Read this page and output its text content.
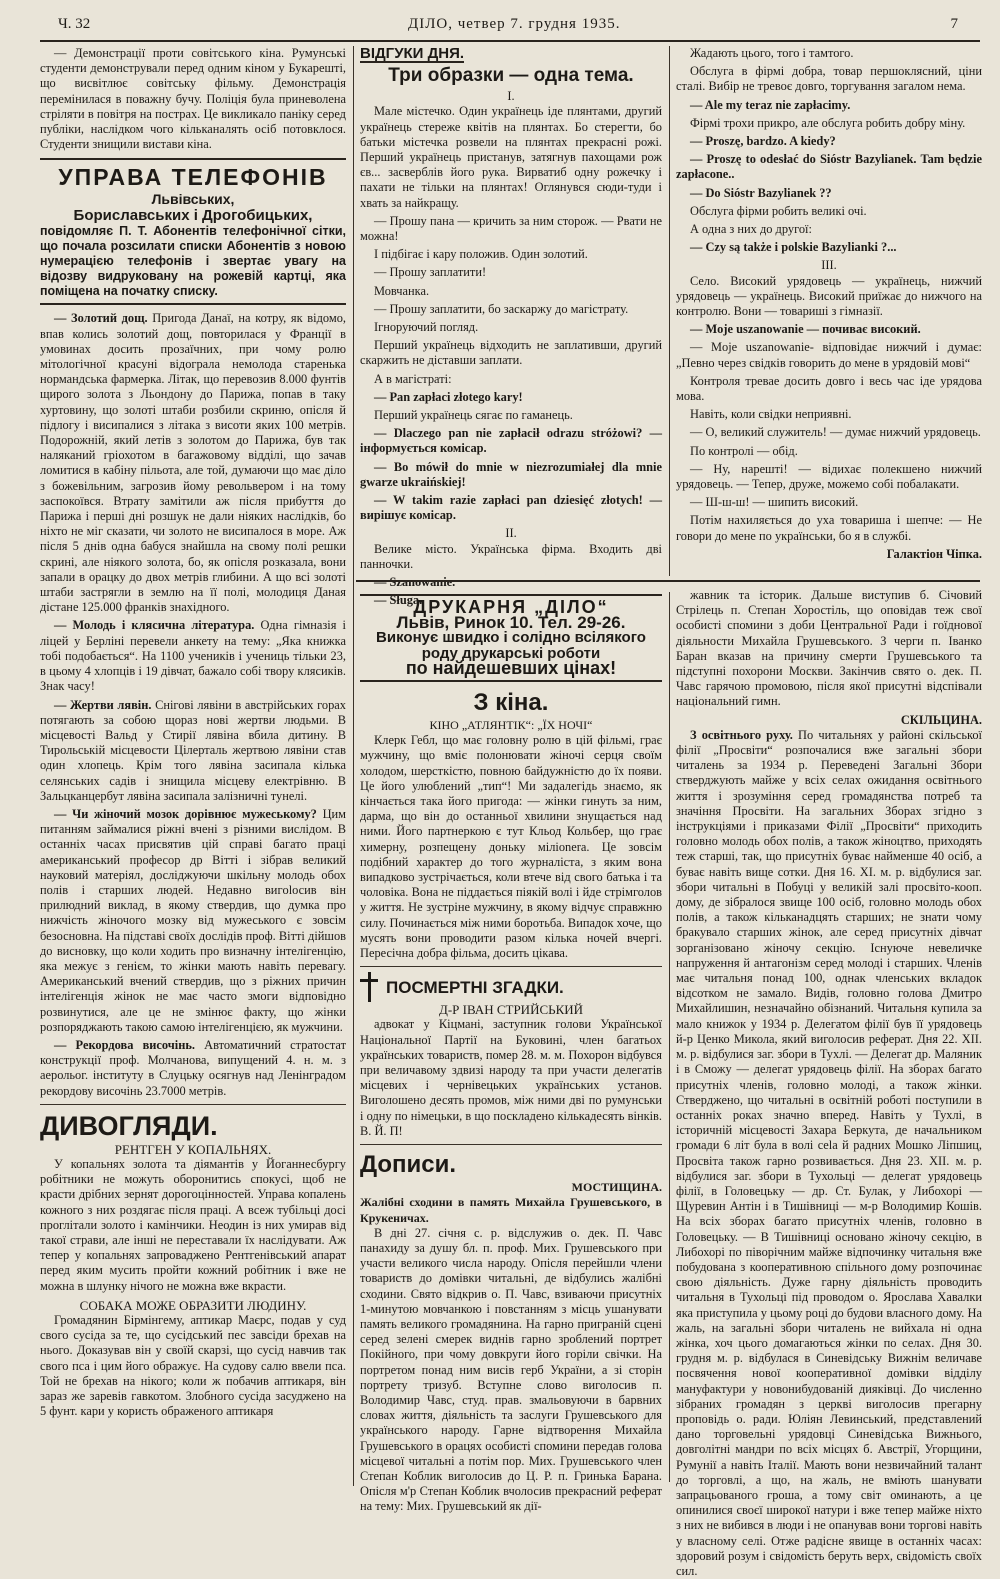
Ч. 32	ДІЛО, четвер 7. грудня 1935.	7

— Демонстрації проти совітського кіна. Румунські студенти демонстрували перед одним кіном у Букарешті, що висвітлює совітську фільму. Демонстрація перемінилася в поважну бучу. Поліція була приневолена стріляти в повітря на пострах. Це викликало паніку серед публіки, наслідком чого кільканалять осіб потовклося. Студенти знищили вистави кіна.

УПРАВА ТЕЛЕФОНІВ
Львівських,
Бориславських і Дрогобицьких,
повідомляє П. Т. Абонентів телефонічної сітки, що почала розсилати списки Абонентів з новою нумерацією телефонів і звертає увагу на відозву видруковану на рожевій картці, яка поміщена на початку списку.

— Золотий дощ. Пригода Данаї, на котру, як відомо, впав колись золотий дощ, повторилася у Франції в умовинах досить прозаїчних, при чому ролю мітологічної красуні відограла немолода стаpенька нормандська фармерка. Літак, що перевозив 8.000 фунтів щирого золота з Льондону до Парижа, попав в таку хуртовину, що золоті штаби розбили скриню, опісля й підлогу і висипалися з літака з висоти яких 100 метрів. Подорожній, який летів з золотом до Парижа, був так наляканий гріохотом в багажовому відділі, що зачав ломитися в кабіну пільота, але той, думаючи що має ділo з божевільним, загрозив йому револьвером і на тому заспокоївся. Втрату замітили аж після прибуття до Парижа і перші дні розшук не дали ніяких наслідків, бо ніхто не міг сказати, чи золото не висипалося в море. Аж після 5 днів одна бабуся знайшла на свому полі решки скрині, але ніякого золота, бо, як опісля розказала, вони запали в орацку до двох метрів глибини. А що всі золоті штаби застрягли в землю на її полі, молодиця Даная дістане 125.000 франків знахідного.

— Молодь і клясична література. Одна гімназія і ліцей у Берліні перевели анкету на тему: „Яка книжка тобі подобається“. На 1100 учеників і учениць тільки 23, в цьому 4 хлопців і 19 дівчат, бажало собі твору клясиків. Знак часу!

— Жертви лявін. Снігові лявіни в австрійських горах потягають за собою щораз нові жертви людьми. В місцевості Вальд у Стирії лявіна вбила дитину. В Тирольській місцевости Цілерталь жертвою лявіни став один хлопець. Крім того лявіна засипала кілька селянських садів і знищила місцеву електрівню. В Зальцканцербут лявіна засипала залізничні тунелі.

— Чи жіночий мозок доpівнює мужеському? Цим питанням займалися ріжні вчені з різними вислідом. В останніх часах присвятив цій справі багато праці американський професор др Вітті і зібрав великий науковий матеріял, досліджуючи шкільну молодь обох полів і старших людей. Недавно вигolосив він прилюдний виклад, в якому ствердив, що думка про нижчість жіночого мозку від мужеського є зовсім безосновна. На підставі своїх дослідів проф. Вітті дійшов до висновку, що коли ходить про визначну інтелігенцію, яка межує з генієм, то жінки мають навіть перевагу. Американський вчений ствердив, що з ріжних причин інтелігенція жінок не має часто змоги відповідно розвинутися, але це не змінює факту, що жінки розпоряджають такою самою інтелігенцією, як мужчини.

— Рекордова височінь. Автоматичний стратостат конструкції проф. Молчанова, випущений 4. н. м. з аерольог. інституту в Слуцьку осягнув над Ленінградом рекордову височінь 23.7000 метрів.

ДИВОГЛЯДИ.
РЕНТГЕН У КОПАЛЬНЯХ.

У копальнях золота та діямантів у Йоганнесбургу робітники не можуть оборонитись спокусі, щоб не красти дрібних зернят дорогоцінностей. Управа копалень кожного з них роздягає після праці. А всеж тубільці досі проглітали золото і камінчики. Неодин із них умирав від такої страви, але інші не переставали їх наслідувати. Аж тепер у копальнях запроваджено Рентгенівський апарат перед яким мусить пройти кожний робітник і вже не можна в шлунку нічого не можна вже вкрасти.

СОБАКА МОЖЕ ОБРАЗИТИ ЛЮДИНУ.

Громадянин Бірмінгему, аптикар Маєрс, подав у суд свого сусіда за те, що сусідський пес завсіди брехав на нього. Доказував він у своїй скарзі, що сусід навчив так свого пса і цим його ображує. На судову салю ввели пса. Той не брехав на нікого; коли ж побачив аптикаря, він зараз же заревів гавкотом. Злобного сусіда засуджено на 5 фунт. кари у користь ображеного аптикаря

ВІДГУКИ ДНЯ.
Три образки — одна тема.
I.

Мале містечко. Один українець іде плянтами, другий українець стереже квітів на плянтах. Бо стерегти, бо батьки містечка розвели на плянтах прекрасні рожі. Перший українець пристанув, затягнув пахощами рож єв... засверблів його рука. Вирватиб одну рожечку і пахати не тільки на плянтах! Оглянувся сюди-туди і хвать за найкращу.

— Прошу пана — кричить за ним сторож. — Рвати не можна!

І підбігає і кару положив. Один золотий.

— Прошу заплатити!

Мовчанка.

— Прошу заплатити, бо заскаржу до магістрату.

Ігноруючий погляд.

Перший українець відходить не заплативши, другий скаржить не діставши заплати.

А в магістраті:

— Pan zapłaci złotego kary!

Перший українець сягає по гаманець.

— Dlaczego pan nie zapłacił odrazu stróżowi? — інформується комісар.

— Bo mówił do mnie w niezrozumiałej dla mnie gwarze ukraińskiej!

— W takim razie zapłaci pan dziesięć złotych! — вирішує комісар.

II.

Велике місто. Українська фірма. Входить дві панночки.

— Szanowanie.

— Sługa.

Жадають цього, того і тамтого.

Обслуга в фірмі добра, товар першоклясний, ціни сталі. Вибір не тревоє довго, торгування загалом нема.

— Ale my teraz nie zapłacimy.

Фірмі трохи прикро, але обслуга робить добру міну.

— Proszę, bardzo. A kiedy?

— Proszę to odesłać do Sióstr Bazylianek. Tam będzie zapłacone..

— Do Sióstr Bazylianek ??

Обслуга фірми робить великі очі.

А одна з них до другої:

— Czy są także i polskie Bazylianki ?...

III.

Село. Високий урядовець — українець, нижчий урядовець — українець. Високий приїжає до нижчого на контролю. Вони — товариші з гімназії.

— Moje uszanowanie — почиває високий.

— Moje uszanowanie- відповідає нижчий і думає: „Певно через свідків говорить до мене в урядовій мові“

Контроля тревае досить довго і весь час іде урядова мова.

Навіть, коли свідки неприявні.

— О, великий служитель! — думає нижчий урядовець.

По контролі — обід.

— Ну, нарешті! — відихає полекшено нижчий урядовець. — Тепер, друже, можемо собі побалакати.

— Ш-ш-ш! — шипить високий.

Потім нахиляється до уха товариша і шепче: — Не говори до мене по українськи, бо я в службі.

Галактіон Чіпка.
ДРУКАРНЯ „ДІЛО“
Львів, Ринок 10. Тел. 29-26.
Виконує швидко і солідно всілякого роду друкарські роботи
по найдешевших цінах!
З кіна.
КІНО „АТЛЯНТІК“: „ЇХ НОЧІ“

Клерк Гебл, що має головну ролю в цій фільмі, грає мужчину, що вміє полонювати жіночі серця своїм холодом, шерсткістю, повною байдужністю до їх появи. Це його улюблений „тип“! Ми задалегідь знаємо, як кінчається така його пригода: — жінки гинуть за ним, дарма, що він до останньої хвилини знущається над ними. Його партнеркою є тут Кльод Кольбер, що грає химерну, розпещену доньку мілionera. Це зовсім подібний характер до того журналіста, з яким вона випадково зустрічається, коли втече від свого батька і та чоловіка. Вона не піддається піякій волі і йде стрімголов у життя. Не зустріне мужчину, в якому відчує справжню силу. Починається між ними боротьба. Випадок хоче, що мусять вони проводити разом кілька ночей вчергі. Пересічна добра фільма, досить цікава.

ПОСМЕРТНІ ЗГАДКИ.
Д-Р ІВАН СТРИЙСЬКИЙ

адвокат у Кіцмані, заступник голови Української Національної Партії на Буковині, член багатьох українських товариств, помер 28. м. м. Похорон відбувся при величавому здвизі народу та при участи делегатів місцевих і чернівецьких українських установ. Виголошено десять промов, між ними дві по румунськи і одну по німецьки, в що поскладено кількадесять вінків. В. Й. П!

Дописи.
МОСТИЩИНА.
Жалібні сходини в память Михайла Грушевського, в Крукеничах.

В дні 27. січня с. р. відслужив о. дек. П. Чавс панахиду за душу бл. п. проф. Мих. Грушевського при участи великого числа народу. Опісля перейшли члени товариств до домівки читальні, де відбулись жалібні сходини. Свято відкрив о. П. Чавс, взиваючи присутніх 1-минутою мовчанкою і повстанням з місць ушанувати память великого громадянина. На гарно приграній сцені серед зелені смерек виднів гарно зроблений портрет Покійного, при чому довкруги його горіли свічки. На портретом понад ним висів герб України, а зі сторін портрету тризуб. Вступне слово виголосив п. Володимир Чавс, студ. прав. змальовуючи в барвних словах життя, діяльність та заслуги Грушевського для українського народу. Гарне відтворення Михайла Грушевського в орацях особисті спомини передав голова місцевої читальні а потім пор. Мих. Грушевського член Степан Коблик виголосив до Ц. Р. п. Гринька Барана. Опісля м'р Степан Коблик вчолосив прекрасний реферат на тему: Мих. Грушевський як дії-

жавник та історик. Дальше виступив б. Січовий Стрілець п. Степан Хоростіль, що оповідав теж свої особисті спомини з доби Центральної Ради і гоїднової діяльности Михайла Грушевського. З черги п. Іванко Баран вказав на причину смерти Грушевського та підступні похорони Москви. Закінчив свято о. дек. П. Чавс гарячою промовою, після якої присутні відспівали національний гимн.

СКІЛЬЦИНА.

З освітнього руху. По читальнях у районі скільської філії „Просвіти“ розпочалися вже загальні збори читалень за 1934 р. Переведені Загальні Збори стверджують майже у всіх селах ожидання освітнього життя і зрозуміння серед громадянства потреб та значіння Просвіти. На загальних Зборах згідно з інструкціями і приказами Філії „Просвіти“ приходить головно молодь обох полів, а також жіноцтво, приходять теж старші, так, що присутніх буває найменше 40 осіб, а буває навіть вище сотки. Дня 16. ХІ. м. р. відбулися заг. збори читальні в Побуці у великій залі просвіто-кооп. дому, де зібралося звище 100 осіб, головно молодь обох полів, а також кільканадцять старших; не знати чому бракувало старших жінок, але серед присутніх дівчат зорганізовано жіночу секцію. Існуюче невеличке напруження й антагонізм серед молоді і старших. Членів має читальня понад 100, однак членських вкладок відсотком не замало. Видів, головно голова Дмитро Михайлишин, незначайно обізнаний. Читальня купила за мало книжок у 1934 р. Делегатом філії був її урядовець й-р Ценко Микола, який виголосив реферат. Дня 22. ХІІ. м. р. відбулися заг. збори в Тухлі. — Делегат др. Маляник і в Сможу — делегат урядовець філії. На зборах багато присутніх членів, головно молоді, а також жінки. Стверджено, що читальні в освітній роботі поступили в останніх роках значно вперед. Навіть у Тухлі, в історичній місцевості Захара Беркута, де начальником громади 6 літ була в волі сela й радних Мошко Ліпшиц, Просвіта також гарно розвивається. Дня 23. ХІІ. м. р. відбулися заг. збори в Тухольці — делегат урядовець філії, в Головецьку — др. Ст. Булак, у Либохорі — Щуревин Антін і в Тишівниці — м-р Володимир Кошів. На всіх зборах багато присутніх членів, головно в Головецьку. — В Тишівниці основано жіночу секцію, в Либохорі по піворічним майже відпочинку читальня вже побудована з кооперативною спільного дому розпочинає свою діяльність. Дуже гарну діяльність проводить читальня в Тухольці під проводом о. Ярослава Хавалки яка приступила у цьому році до будови власного дому. На жаль, на загальні збори читалень не вийхала ні одна жінка, хоч цього домагаються жінки по селах. Дня 30. грудня м. р. відбулася в Синевідську Вижнім величаве посвячення нової кооперативної домівки відділу мануфактури у новонибудованій дияківці. До численно зібраних громадян з церкві виголосив прегарну проповідь о. ради. Юліян Левинський, представлений дано торговельні урядовці Синевідська Вижнього, довголітні мандри по всіх місцях б. Австрії, Угорщини, Румунії а навіть Італії. Мають вони незвичайний талант до торговлі, а що, на жаль, не вміють шанувати запрацьованого гроша, а тому світ оминають, а це опинилися своєї широкої натури і вже тепер майже ніхто з них не вибився в люди і не опанував вони торгові навіть у власному селі. Отже радісне явище в останніх часах: здоровий розум і свідомість беруть верх, свідомість своїх сил.
